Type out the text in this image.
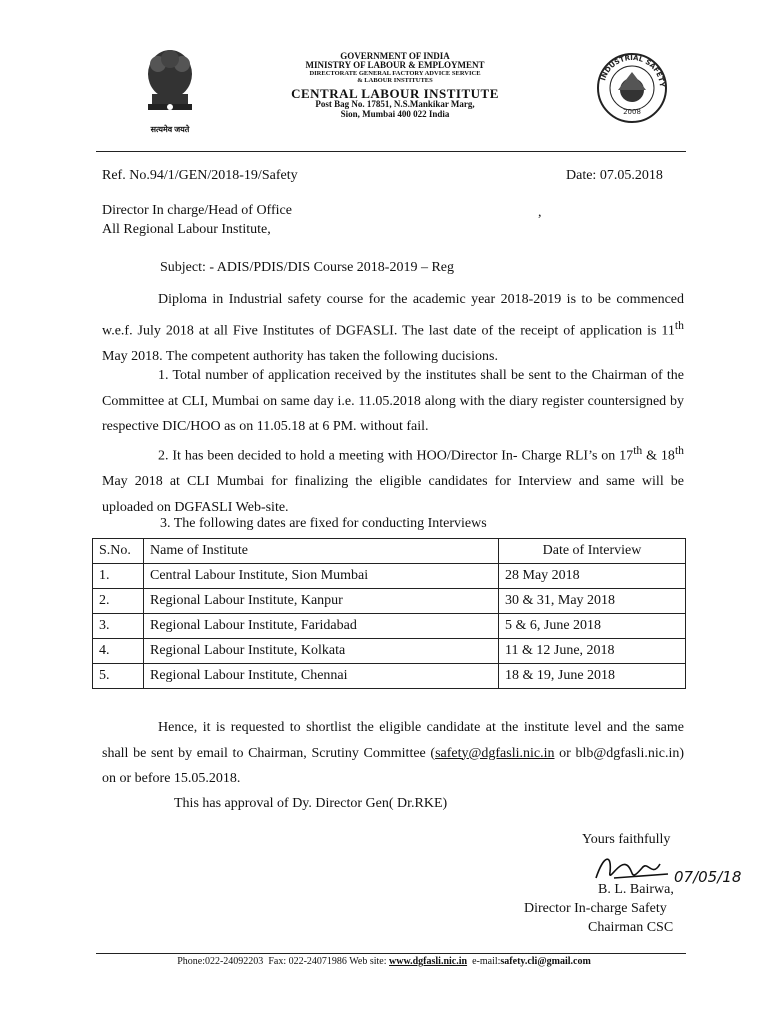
सत्यमेव जयते
GOVERNMENT OF INDIA
MINISTRY OF LABOUR & EMPLOYMENT
DIRECTORATE GENERAL FACTORY ADVICE SERVICE
& LABOUR INSTITUTES
CENTRAL LABOUR INSTITUTE
Post Bag No. 17851, N.S.Mankikar Marg,
Sion, Mumbai 400 022 India
INDUSTRIAL SAFETY
2008
Ref. No.94/1/GEN/2018-19/Safety	Date: 07.05.2018
Director In charge/Head of Office
All Regional Labour Institute,
,
Subject: - ADIS/PDIS/DIS Course 2018-2019 – Reg
Diploma in Industrial safety course for the academic year 2018-2019 is to be commenced w.e.f. July 2018 at all Five Institutes of DGFASLI. The last date of the receipt of application is 11th May 2018. The competent authority has taken the following ducisions.
1. Total number of application received by the institutes shall be sent to the Chairman of the Committee at CLI, Mumbai on same day i.e. 11.05.2018 along with the diary register countersigned by respective DIC/HOO as on 11.05.18 at 6 PM. without fail.
2. It has been decided to hold a meeting with HOO/Director In- Charge RLI’s on 17th & 18th May 2018 at CLI Mumbai for finalizing the eligible candidates for Interview and same will be uploaded on DGFASLI Web-site.
3. The following dates are fixed for conducting Interviews
S.No.	Name of Institute	Date of Interview
1.	Central Labour Institute, Sion Mumbai	28 May 2018
2.	Regional Labour Institute, Kanpur	30 & 31, May 2018
3.	Regional Labour Institute, Faridabad	5 & 6, June 2018
4.	Regional Labour Institute, Kolkata	11 & 12 June, 2018
5.	Regional Labour Institute, Chennai	18 & 19, June 2018
Hence, it is requested to shortlist the eligible candidate at the institute level and the same shall be sent by email to Chairman, Scrutiny Committee (safety@dgfasli.nic.in or blb@dgfasli.nic.in) on or before 15.05.2018.
This has approval of Dy. Director Gen( Dr.RKE)
Yours faithfully
07/05/18
B. L. Bairwa,
Director In-charge Safety
Chairman CSC
Phone:022-24092203 Fax: 022-24071986 Web site: www.dgfasli.nic.in e-mail:safety.cli@gmail.com
